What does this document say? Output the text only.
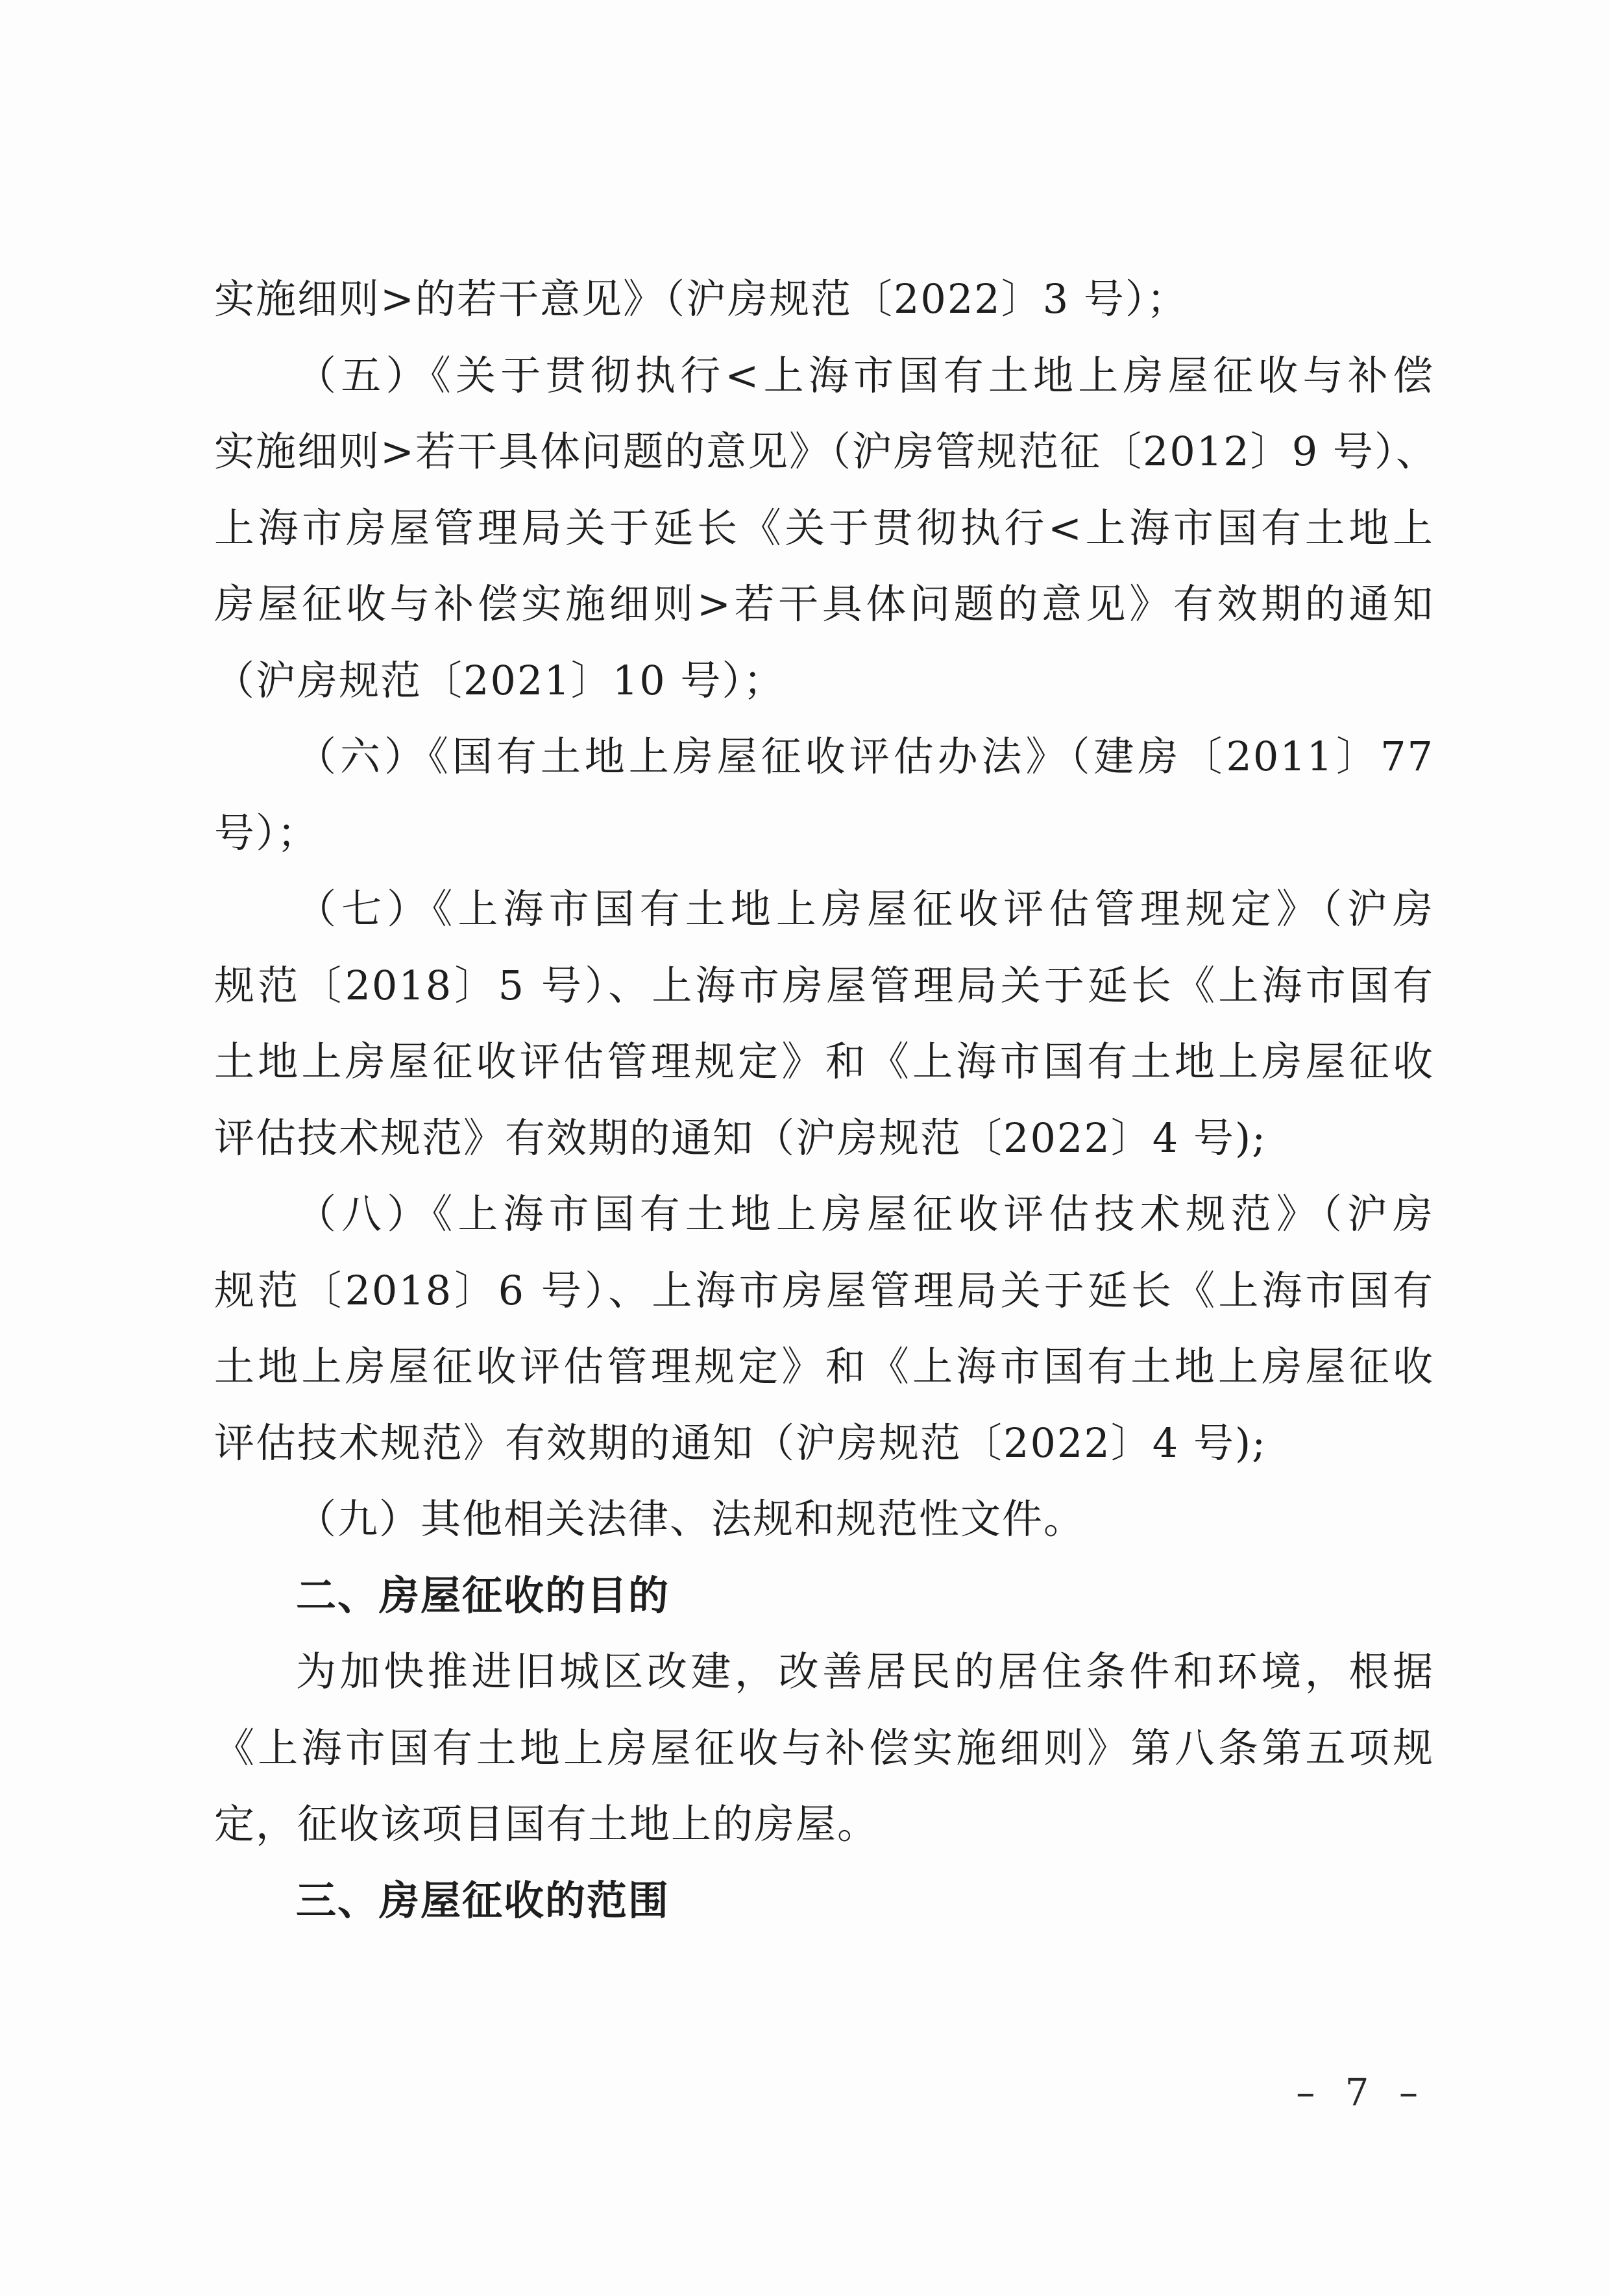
实施细则>的若干意见》（沪房规范〔2022〕3 号）；
（五）《关于贯彻执行<上海市国有土地上房屋征收与补偿
实施细则>若干具体问题的意见》（沪房管规范征〔2012〕9 号）、
上海市房屋管理局关于延长《关于贯彻执行<上海市国有土地上
房屋征收与补偿实施细则>若干具体问题的意见》有效期的通知
（沪房规范〔2021〕10 号）；
（六）《国有土地上房屋征收评估办法》（建房〔2011〕77
号）；
（七）《上海市国有土地上房屋征收评估管理规定》（沪房
规范〔2018〕5 号）、上海市房屋管理局关于延长《上海市国有
土地上房屋征收评估管理规定》和《上海市国有土地上房屋征收
评估技术规范》有效期的通知（沪房规范〔2022〕4 号);
（八）《上海市国有土地上房屋征收评估技术规范》（沪房
规范〔2018〕6 号）、上海市房屋管理局关于延长《上海市国有
土地上房屋征收评估管理规定》和《上海市国有土地上房屋征收
评估技术规范》有效期的通知（沪房规范〔2022〕4 号);
（九）其他相关法律、法规和规范性文件。
二、房屋征收的目的
为加快推进旧城区改建，改善居民的居住条件和环境，根据
《上海市国有土地上房屋征收与补偿实施细则》第八条第五项规
定，征收该项目国有土地上的房屋。
三、房屋征收的范围
– 7 –
